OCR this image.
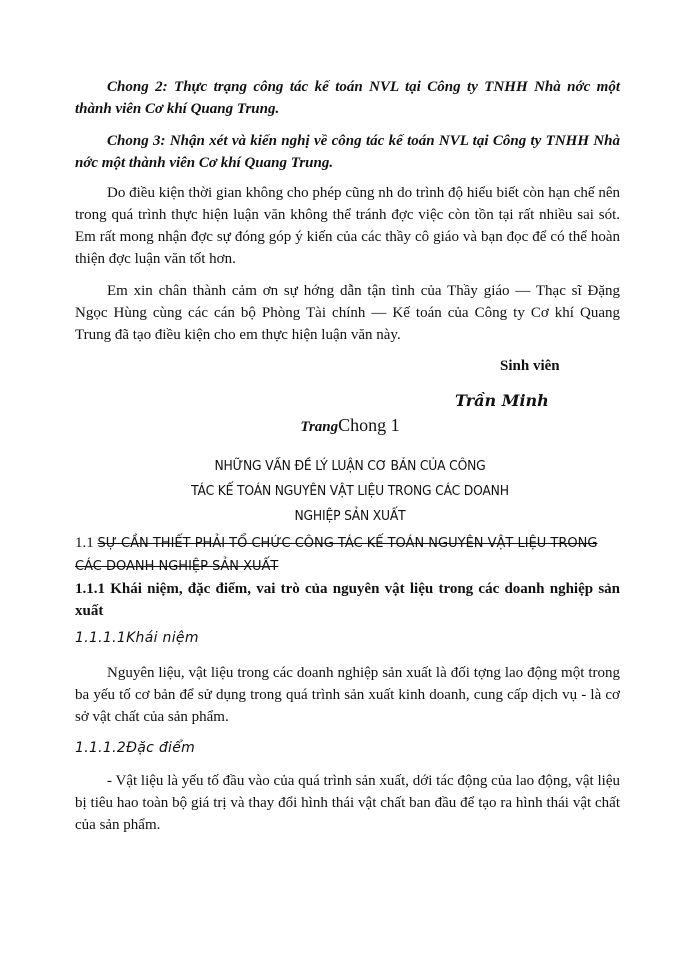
Chong 2: Thực trạng công tác kế toán NVL tại Công ty TNHH Nhà nớc một thành viên Cơ khí Quang Trung.

Chong 3: Nhận xét và kiến nghị về công tác kế toán NVL tại Công ty TNHH Nhà nớc một thành viên Cơ khí Quang Trung.

Do điều kiện thời gian không cho phép cũng nh do trình độ hiểu biết còn hạn chế nên trong quá trình thực hiện luận văn không thể tránh đợc việc còn tồn tại rất nhiều sai sót. Em rất mong nhận đợc sự đóng góp ý kiến của các thầy cô giáo và bạn đọc để có thể hoàn thiện đợc luận văn tốt hơn.

Em xin chân thành cảm ơn sự hớng dẫn tận tình của Thầy giáo — Thạc sĩ Đặng Ngọc Hùng cùng các cán bộ Phòng Tài chính — Kế toán của Công ty Cơ khí Quang Trung đã tạo điều kiện cho em thực hiện luận văn này.

Sinh viên
Trần Minh
TrangChong 1
NHỮNG VẤN ĐỀ LÝ LUẬN CƠ BẢN CỦA CÔNG
TÁC KẾ TOÁN NGUYÊN VẬT LIỆU TRONG CÁC DOANH
NGHIỆP SẢN XUẤT
1.1 SỰ CẦN THIẾT PHẢI TỔ CHỨC CÔNG TÁC KẾ TOÁN NGUYÊN VẬT LIỆU TRONG CÁC DOANH NGHIỆP SẢN XUẤT
1.1.1 Khái niệm, đặc điểm, vai trò của nguyên vật liệu trong các doanh nghiệp sản xuất
1.1.1.1Khái niệm

Nguyên liệu, vật liệu trong các doanh nghiệp sản xuất là đối tợng lao động một trong ba yếu tố cơ bản để sử dụng trong quá trình sản xuất kinh doanh, cung cấp dịch vụ - là cơ sở vật chất của sản phẩm.

1.1.1.2Đặc điểm

- Vật liệu là yếu tố đầu vào của quá trình sản xuất, dới tác động của lao động, vật liệu bị tiêu hao toàn bộ giá trị và thay đổi hình thái vật chất ban đầu để tạo ra hình thái vật chất của sản phẩm.
